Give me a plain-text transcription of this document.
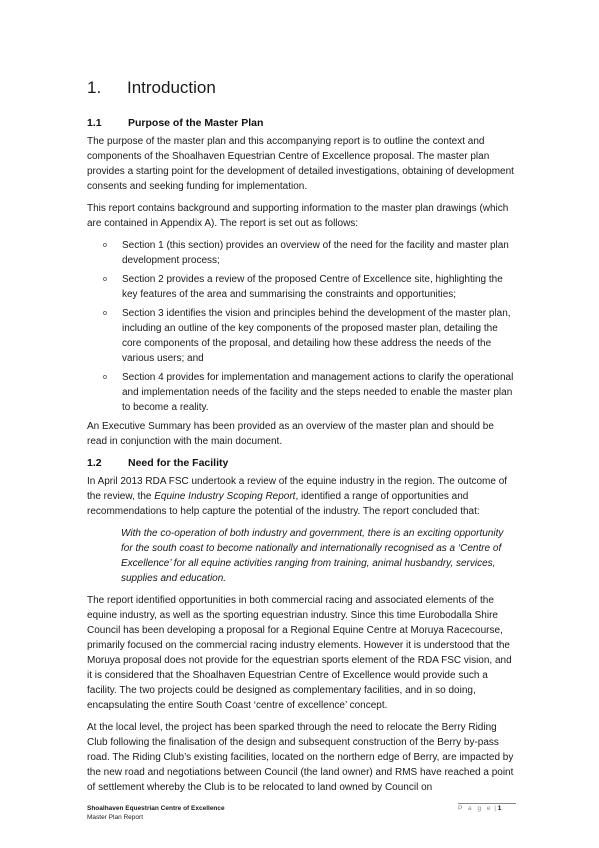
1.	Introduction
1.1	Purpose of the Master Plan

The purpose of the master plan and this accompanying report is to outline the context and components of the Shoalhaven Equestrian Centre of Excellence proposal. The master plan provides a starting point for the development of detailed investigations, obtaining of development consents and seeking funding for implementation.

This report contains background and supporting information to the master plan drawings (which are contained in Appendix A). The report is set out as follows:

o Section 1 (this section) provides an overview of the need for the facility and master plan development process;
o Section 2 provides a review of the proposed Centre of Excellence site, highlighting the key features of the area and summarising the constraints and opportunities;
o Section 3 identifies the vision and principles behind the development of the master plan, including an outline of the key components of the proposed master plan, detailing the core components of the proposal, and detailing how these address the needs of the various users; and
o Section 4 provides for implementation and management actions to clarify the operational and implementation needs of the facility and the steps needed to enable the master plan to become a reality.

An Executive Summary has been provided as an overview of the master plan and should be read in conjunction with the main document.

1.2	Need for the Facility

In April 2013 RDA FSC undertook a review of the equine industry in the region. The outcome of the review, the Equine Industry Scoping Report, identified a range of opportunities and recommendations to help capture the potential of the industry. The report concluded that:

With the co-operation of both industry and government, there is an exciting opportunity for the south coast to become nationally and internationally recognised as a ‘Centre of Excellence’ for all equine activities ranging from training, animal husbandry, services, supplies and education.

The report identified opportunities in both commercial racing and associated elements of the equine industry, as well as the sporting equestrian industry. Since this time Eurobodalla Shire Council has been developing a proposal for a Regional Equine Centre at Moruya Racecourse, primarily focused on the commercial racing industry elements. However it is understood that the Moruya proposal does not provide for the equestrian sports element of the RDA FSC vision, and it is considered that the Shoalhaven Equestrian Centre of Excellence would provide such a facility. The two projects could be designed as complementary facilities, and in so doing, encapsulating the entire South Coast ‘centre of excellence’ concept.

At the local level, the project has been sparked through the need to relocate the Berry Riding Club following the finalisation of the design and subsequent construction of the Berry by-pass road. The Riding Club’s existing facilities, located on the northern edge of Berry, are impacted by the new road and negotiations between Council (the land owner) and RMS have reached a point of settlement whereby the Club is to be relocated to land owned by Council on

Shoalhaven Equestrian Centre of Excellence
Master Plan Report
P a g e | 1
